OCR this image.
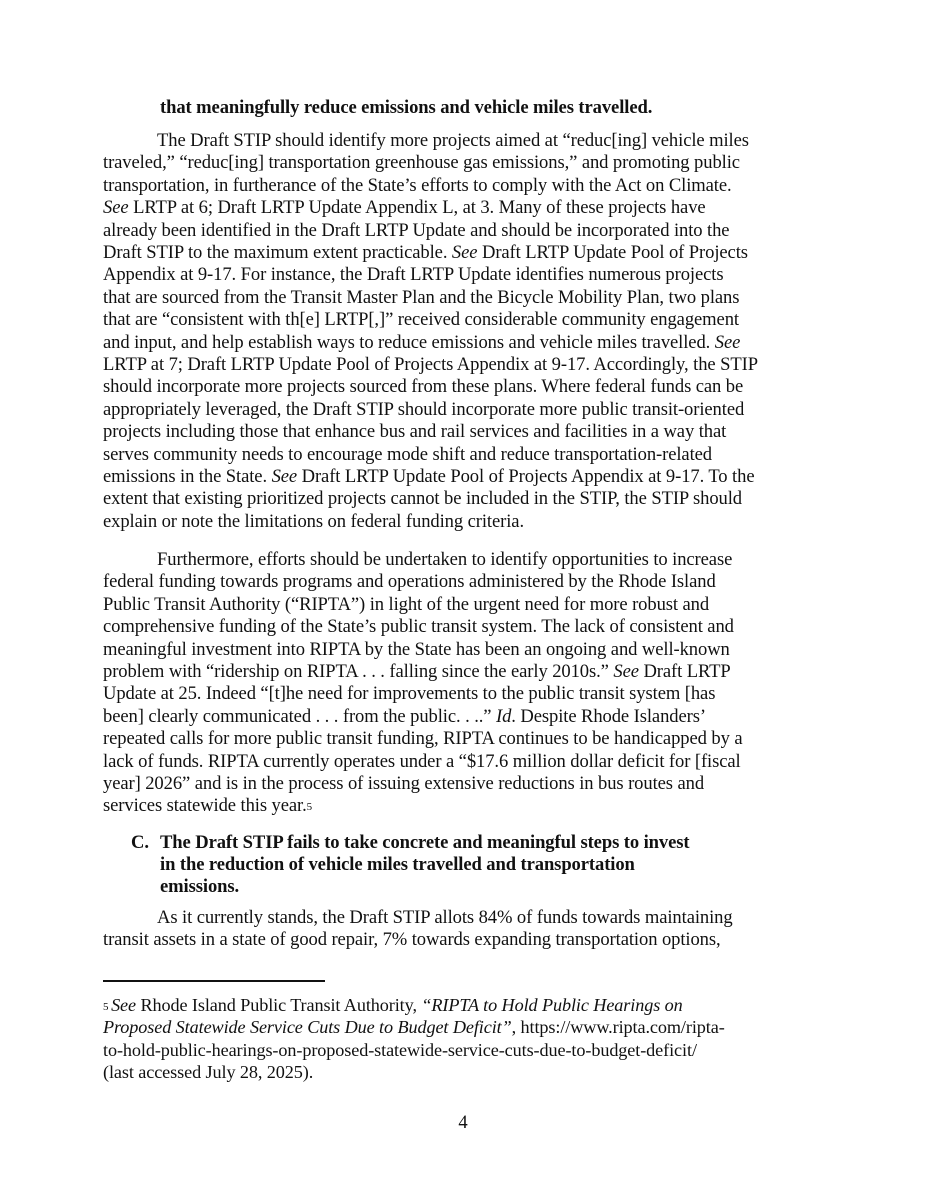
that meaningfully reduce emissions and vehicle miles travelled.
The Draft STIP should identify more projects aimed at “reduc[ing] vehicle miles
traveled,” “reduc[ing] transportation greenhouse gas emissions,” and promoting public
transportation, in furtherance of the State’s efforts to comply with the Act on Climate.
See LRTP at 6; Draft LRTP Update Appendix L, at 3. Many of these projects have
already been identified in the Draft LRTP Update and should be incorporated into the
Draft STIP to the maximum extent practicable. See Draft LRTP Update Pool of Projects
Appendix at 9-17. For instance, the Draft LRTP Update identifies numerous projects
that are sourced from the Transit Master Plan and the Bicycle Mobility Plan, two plans
that are “consistent with th[e] LRTP[,]” received considerable community engagement
and input, and help establish ways to reduce emissions and vehicle miles travelled. See
LRTP at 7; Draft LRTP Update Pool of Projects Appendix at 9-17. Accordingly, the STIP
should incorporate more projects sourced from these plans. Where federal funds can be
appropriately leveraged, the Draft STIP should incorporate more public transit-oriented
projects including those that enhance bus and rail services and facilities in a way that
serves community needs to encourage mode shift and reduce transportation-related
emissions in the State. See Draft LRTP Update Pool of Projects Appendix at 9-17. To the
extent that existing prioritized projects cannot be included in the STIP, the STIP should
explain or note the limitations on federal funding criteria.
Furthermore, efforts should be undertaken to identify opportunities to increase
federal funding towards programs and operations administered by the Rhode Island
Public Transit Authority (“RIPTA”) in light of the urgent need for more robust and
comprehensive funding of the State’s public transit system. The lack of consistent and
meaningful investment into RIPTA by the State has been an ongoing and well-known
problem with “ridership on RIPTA . . . falling since the early 2010s.” See Draft LRTP
Update at 25. Indeed “[t]he need for improvements to the public transit system [has
been] clearly communicated . . . from the public. . ..” Id. Despite Rhode Islanders’
repeated calls for more public transit funding, RIPTA continues to be handicapped by a
lack of funds. RIPTA currently operates under a “$17.6 million dollar deficit for [fiscal
year] 2026” and is in the process of issuing extensive reductions in bus routes and
services statewide this year.5
C. The Draft STIP fails to take concrete and meaningful steps to invest
in the reduction of vehicle miles travelled and transportation
emissions.
As it currently stands, the Draft STIP allots 84% of funds towards maintaining
transit assets in a state of good repair, 7% towards expanding transportation options,
5 See Rhode Island Public Transit Authority, “RIPTA to Hold Public Hearings on
Proposed Statewide Service Cuts Due to Budget Deficit”, https://www.ripta.com/ripta-
to-hold-public-hearings-on-proposed-statewide-service-cuts-due-to-budget-deficit/
(last accessed July 28, 2025).
4
